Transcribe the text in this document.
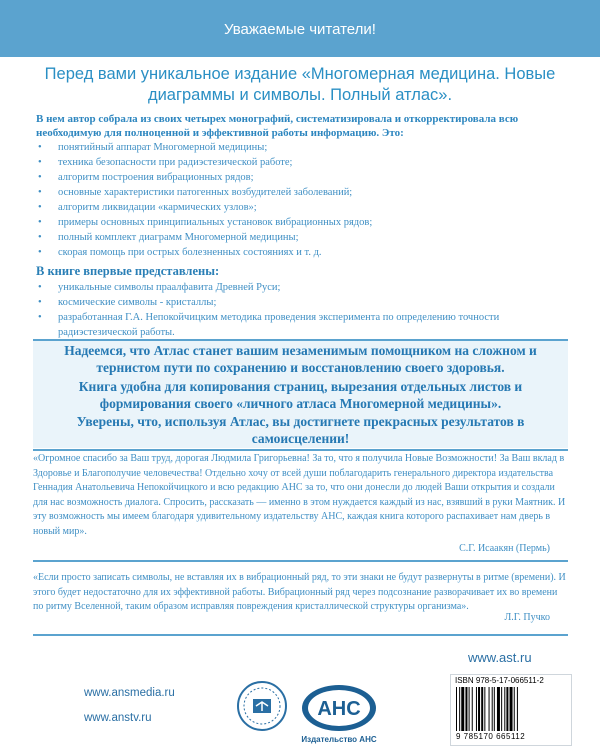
Уважаемые читатели!
Перед вами уникальное издание «Многомерная медицина. Новые диаграммы и символы. Полный атлас».
В нем автор собрала из своих четырех монографий, систематизировала и откорректировала всю необходимую для полноценной и эффективной работы информацию. Это:
• понятийный аппарат Многомерной медицины;
• техника безопасности при радиэстезической работе;
• алгоритм построения вибрационных рядов;
• основные характеристики патогенных возбудителей заболеваний;
• алгоритм ликвидации «кармических узлов»;
• примеры основных принципиальных установок вибрационных рядов;
• полный комплект диаграмм Многомерной медицины;
• скорая помощь при острых болезненных состояниях и т. д.
В книге впервые представлены:
• уникальные символы праалфавита Древней Руси;
• космические символы - кристаллы;
• разработанная Г.А. Непокойчицким методика проведения эксперимента по определению точности радиэстезической работы.

Надеемся, что Атлас станет вашим незаменимым помощником на сложном и тернистом пути по сохранению и восстановлению своего здоровья.

Книга удобна для копирования страниц, вырезания отдельных листов и формирования своего «личного атласа Многомерной медицины».

Уверены, что, используя Атлас, вы достигнете прекрасных результатов в самоисцелении!

«Огромное спасибо за Ваш труд, дорогая Людмила Григорьевна! За то, что я получила Новые Возможности! За Ваш вклад в Здоровье и Благополучие человечества! Отдельно хочу от всей души поблагодарить генерального директора издательства Геннадия Анатольевича Непокойчицкого и всю редакцию АНС за то, что они донесли до людей Ваши открытия и создали для нас возможность диалога. Спросить, рассказать — именно в этом нуждается каждый из нас, взявший в руки Маятник. И эту возможность мы имеем благодаря удивительному издательству АНС, каждая книга которого распахивает нам дверь в новый мир».

С.Г. Исаакян (Пермь)

«Если просто записать символы, не вставляя их в вибрационный ряд, то эти знаки не будут развернуты в ритме (времени). И этого будет недостаточно для их эффективной работы. Вибрационный ряд через подсознание разворачивает их во времени по ритму Вселенной, таким образом исправляя повреждения кристаллической структуры организма».

Л.Г. Пучко
www.ast.ru
www.ansmedia.ru
www.anstv.ru	АНС
Издательство АНС
ISBN 978-5-17-066511-2
9 785170 665112
